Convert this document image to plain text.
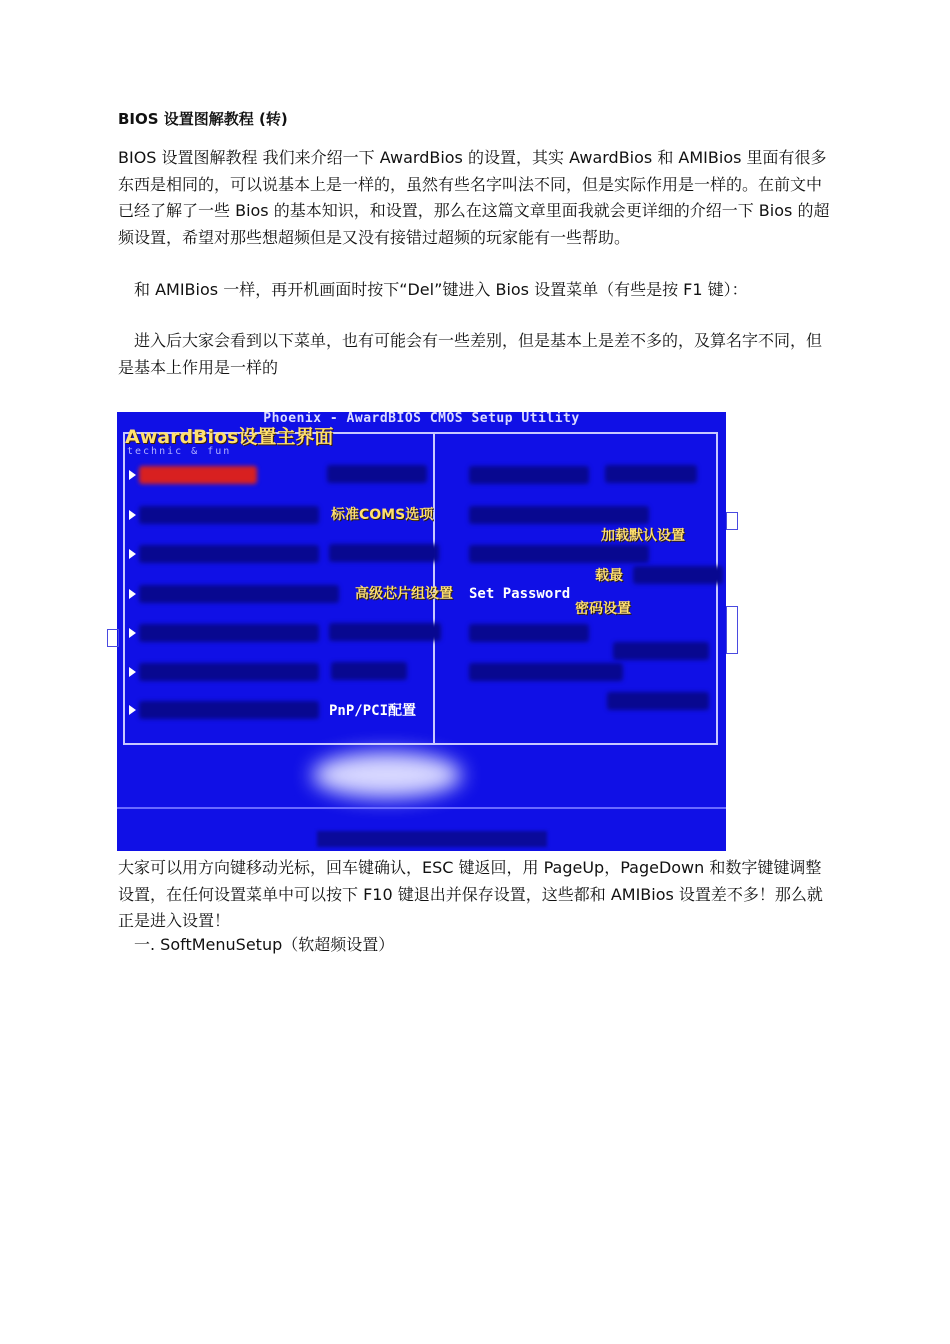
BIOS 设置图解教程 (转)

BIOS 设置图解教程 我们来介绍一下 AwardBios 的设置，其实 AwardBios 和 AMIBios 里面有很多东西是相同的，可以说基本上是一样的，虽然有些名字叫法不同，但是实际作用是一样的。在前文中已经了解了一些 Bios 的基本知识，和设置，那么在这篇文章里面我就会更详细的介绍一下 Bios 的超频设置，希望对那些想超频但是又没有接错过超频的玩家能有一些帮助。

和 AMIBios 一样，再开机画面时按下“Del”键进入 Bios 设置菜单（有些是按 F1 键）：

进入后大家会看到以下菜单，也有可能会有一些差别，但是基本上是差不多的，及算名字不同，但是基本上作用是一样的

Phoenix - AwardBIOS CMOS Setup Utility
AwardBios设置主界面
technic & fun
标准COMS选项
高级芯片组设置
PnP/PCI配置
加载默认设置
Set Password
载最
密码设置

大家可以用方向键移动光标，回车键确认，ESC 键返回，用 PageUp，PageDown 和数字键键调整设置，在任何设置菜单中可以按下 F10 键退出并保存设置，这些都和 AMIBios 设置差不多！那么就正是进入设置！

一. SoftMenuSetup（软超频设置）
